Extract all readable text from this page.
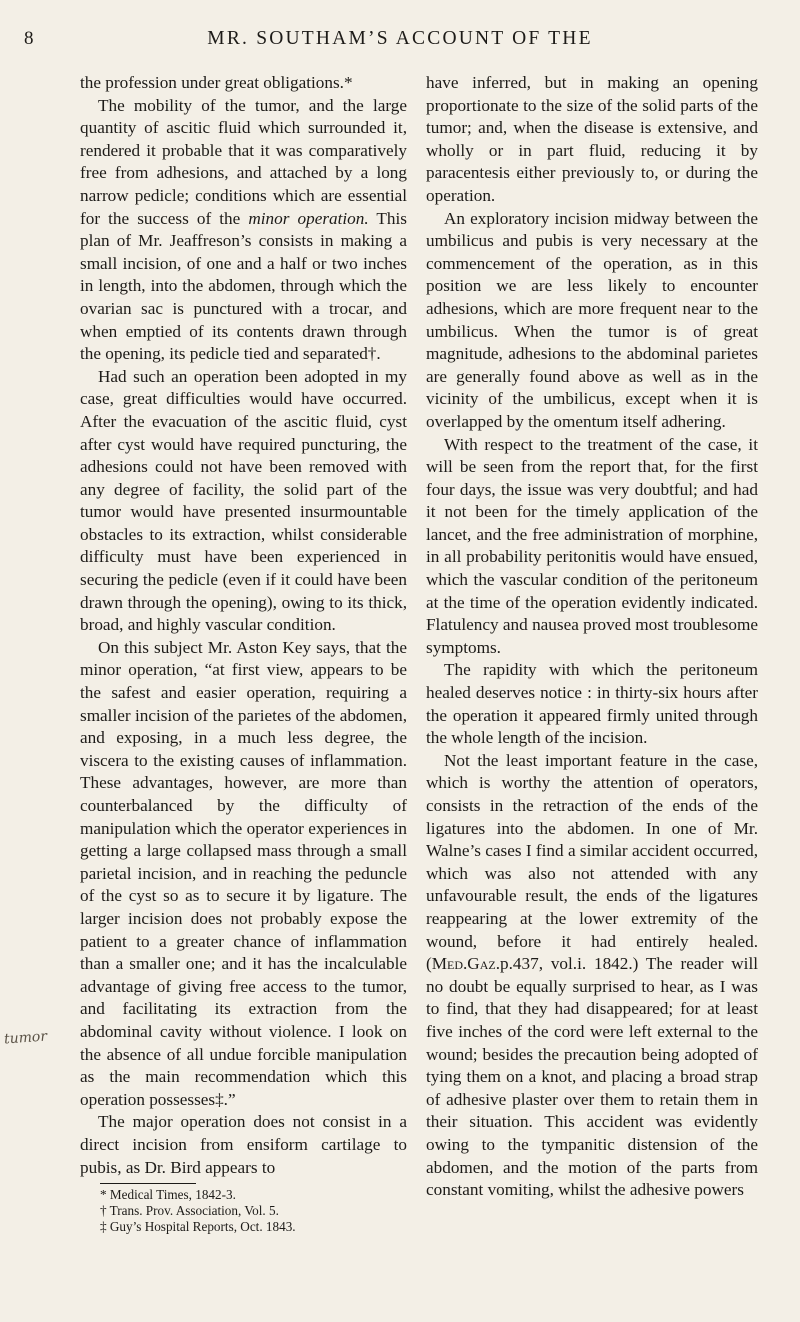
8	MR. SOUTHAM’S ACCOUNT OF THE
tumor

the profession under great obligations.*

The mobility of the tumor, and the large quantity of ascitic fluid which surrounded it, rendered it probable that it was comparatively free from adhesions, and attached by a long narrow pedicle; conditions which are essential for the success of the minor operation. This plan of Mr. Jeaffreson’s consists in making a small incision, of one and a half or two inches in length, into the abdomen, through which the ovarian sac is punctured with a trocar, and when emptied of its contents drawn through the opening, its pedicle tied and separated†.

Had such an operation been adopted in my case, great difficulties would have occurred. After the evacuation of the ascitic fluid, cyst after cyst would have required puncturing, the adhesions could not have been removed with any degree of facility, the solid part of the tumor would have presented insurmountable obstacles to its extraction, whilst considerable difficulty must have been experienced in securing the pedicle (even if it could have been drawn through the opening), owing to its thick, broad, and highly vascular condition.

On this subject Mr. Aston Key says, that the minor operation, “at first view, appears to be the safest and easier operation, requiring a smaller incision of the parietes of the abdomen, and exposing, in a much less degree, the viscera to the existing causes of inflammation. These advantages, however, are more than counterbalanced by the difficulty of manipulation which the operator experiences in getting a large collapsed mass through a small parietal incision, and in reaching the peduncle of the cyst so as to secure it by ligature. The larger incision does not probably expose the patient to a greater chance of inflammation than a smaller one; and it has the incalculable advantage of giving free access to the tumor, and facilitating its extraction from the abdominal cavity without violence. I look on the absence of all undue forcible manipulation as the main recommendation which this operation possesses‡.”

The major operation does not consist in a direct incision from ensiform cartilage to pubis, as Dr. Bird appears to

* Medical Times, 1842-3.
† Trans. Prov. Association, Vol. 5.
‡ Guy’s Hospital Reports, Oct. 1843.

have inferred, but in making an opening proportionate to the size of the solid parts of the tumor; and, when the disease is extensive, and wholly or in part fluid, reducing it by paracentesis either previously to, or during the operation.

An exploratory incision midway between the umbilicus and pubis is very necessary at the commencement of the operation, as in this position we are less likely to encounter adhesions, which are more frequent near to the umbilicus. When the tumor is of great magnitude, adhesions to the abdominal parietes are generally found above as well as in the vicinity of the umbilicus, except when it is overlapped by the omentum itself adhering.

With respect to the treatment of the case, it will be seen from the report that, for the first four days, the issue was very doubtful; and had it not been for the timely application of the lancet, and the free administration of morphine, in all probability peritonitis would have ensued, which the vascular condition of the peritoneum at the time of the operation evidently indicated. Flatulency and nausea proved most troublesome symptoms.

The rapidity with which the peritoneum healed deserves notice : in thirty-six hours after the operation it appeared firmly united through the whole length of the incision.

Not the least important feature in the case, which is worthy the attention of operators, consists in the retraction of the ends of the ligatures into the abdomen. In one of Mr. Walne’s cases I find a similar accident occurred, which was also not attended with any unfavourable result, the ends of the ligatures reappearing at the lower extremity of the wound, before it had entirely healed. (Med.Gaz.p.437, vol.i. 1842.) The reader will no doubt be equally surprised to hear, as I was to find, that they had disappeared; for at least five inches of the cord were left external to the wound; besides the precaution being adopted of tying them on a knot, and placing a broad strap of adhesive plaster over them to retain them in their situation. This accident was evidently owing to the tympanitic distension of the abdomen, and the motion of the parts from constant vomiting, whilst the adhesive powers
